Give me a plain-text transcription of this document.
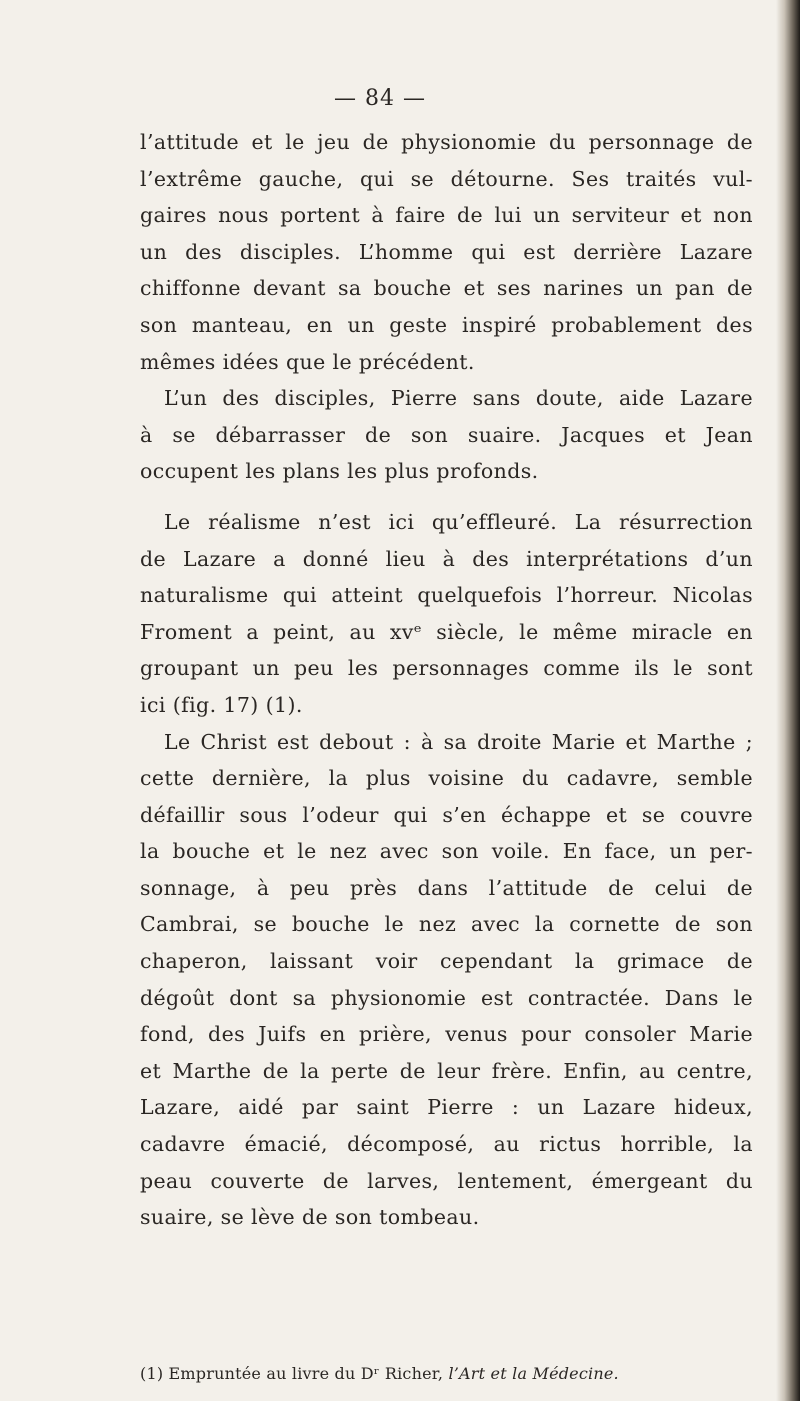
— 84 —
l’attitude et le jeu de physionomie du personnage de
l’extrême gauche, qui se détourne. Ses traités vul-
gaires nous portent à faire de lui un serviteur et non
un des disciples. L’homme qui est derrière Lazare
chiffonne devant sa bouche et ses narines un pan de
son manteau, en un geste inspiré probablement des
mêmes idées que le précédent.
L’un des disciples, Pierre sans doute, aide Lazare
à se débarrasser de son suaire. Jacques et Jean
occupent les plans les plus profonds.
Le réalisme n’est ici qu’effleuré. La résurrection
de Lazare a donné lieu à des interprétations d’un
naturalisme qui atteint quelquefois l’horreur. Nicolas
Froment a peint, au xvᵉ siècle, le même miracle en
groupant un peu les personnages comme ils le sont
ici (fig. 17) (1).
Le Christ est debout : à sa droite Marie et Marthe ;
cette dernière, la plus voisine du cadavre, semble
défaillir sous l’odeur qui s’en échappe et se couvre
la bouche et le nez avec son voile. En face, un per-
sonnage, à peu près dans l’attitude de celui de
Cambrai, se bouche le nez avec la cornette de son
chaperon, laissant voir cependant la grimace de
dégoût dont sa physionomie est contractée. Dans le
fond, des Juifs en prière, venus pour consoler Marie
et Marthe de la perte de leur frère. Enfin, au centre,
Lazare, aidé par saint Pierre : un Lazare hideux,
cadavre émacié, décomposé, au rictus horrible, la
peau couverte de larves, lentement, émergeant du
suaire, se lève de son tombeau.
(1) Empruntée au livre du Dʳ Richer, l’Art et la Médecine.
